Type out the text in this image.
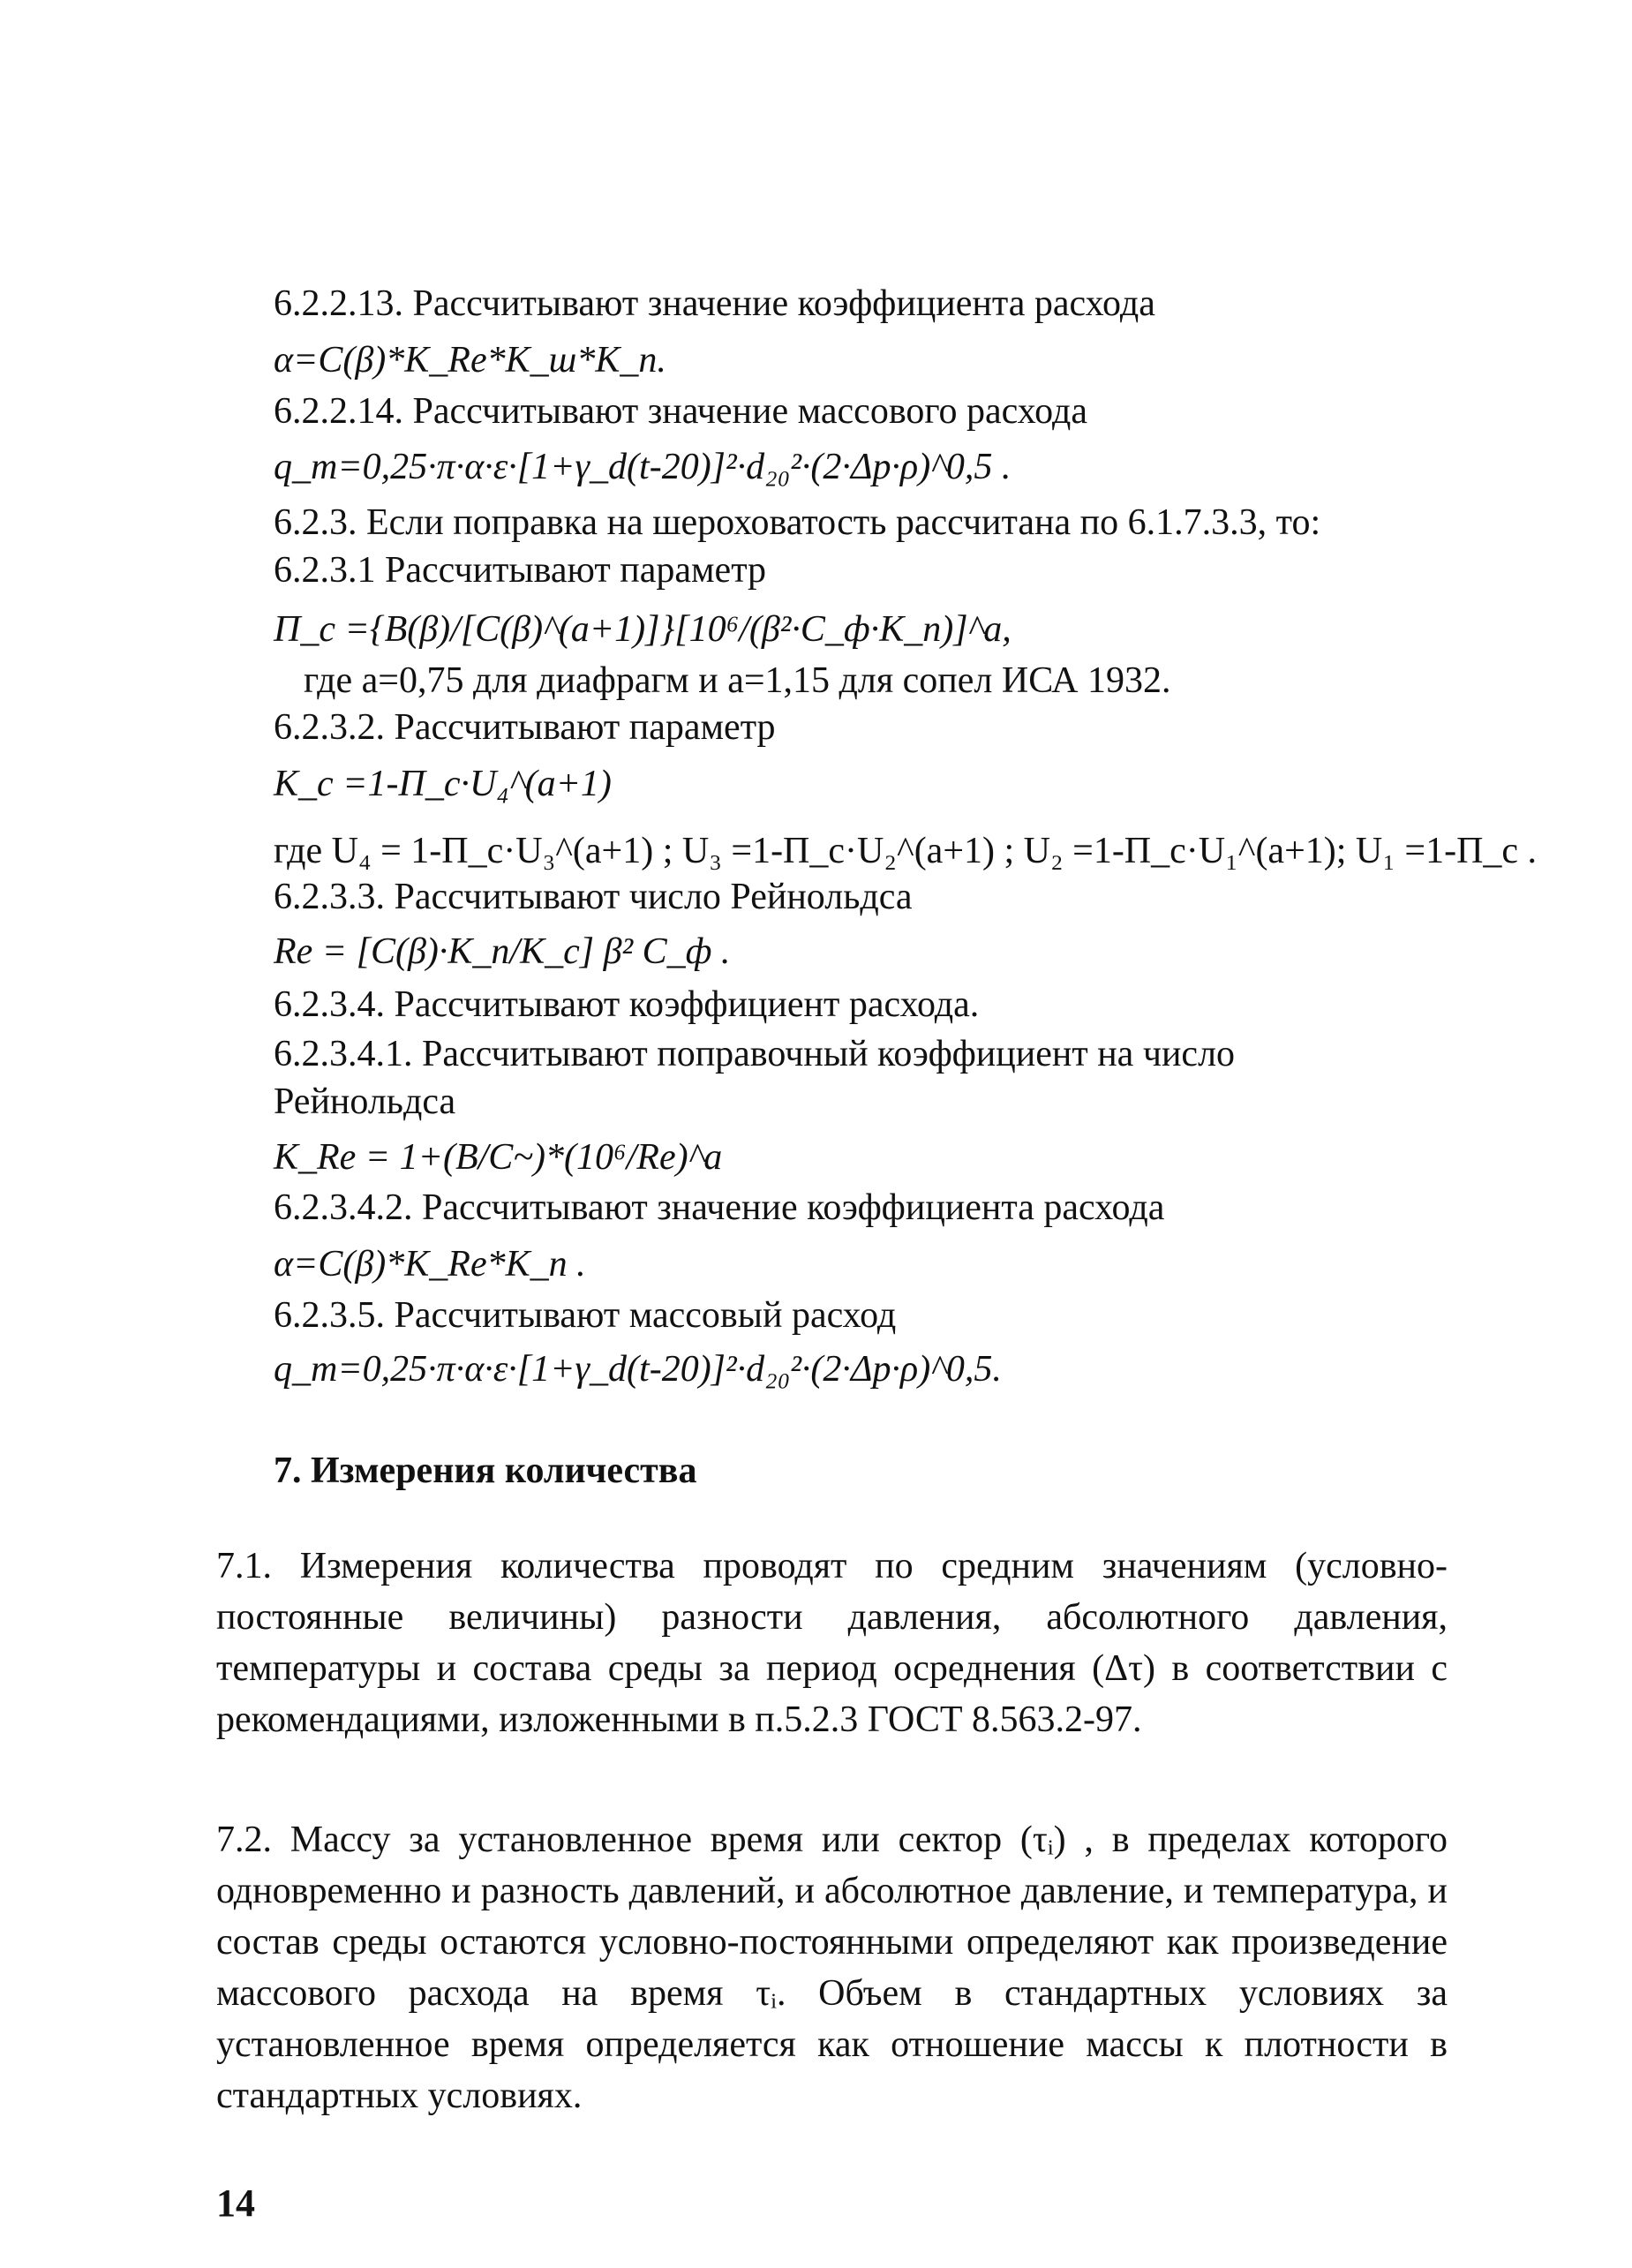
6.2.2.13. Рассчитывают значение коэффициента расхода
α=C(β)*K_Re*K_ш*K_n.
6.2.2.14. Рассчитывают значение массового расхода
q_m=0,25·π·α·ε·[1+γ_d(t-20)]²·d₂₀²·(2·Δp·ρ)^0,5 .
6.2.3. Если поправка на шероховатость рассчитана по 6.1.7.3.3, то:
6.2.3.1 Рассчитывают параметр
П_c ={B(β)/[C(β)^(a+1)]}[10⁶/(β²·C_ф·K_n)]^a,
где a=0,75 для диафрагм и a=1,15 для сопел ИСА 1932.
6.2.3.2. Рассчитывают параметр
K_c =1-П_c·U₄^(a+1)
где U₄ = 1-П_c·U₃^(a+1) ; U₃ =1-П_c·U₂^(a+1) ; U₂ =1-П_c·U₁^(a+1); U₁ =1-П_c .
6.2.3.3. Рассчитывают число Рейнольдса
Re = [C(β)·K_n/K_c] β² C_ф .
6.2.3.4. Рассчитывают коэффициент расхода.
6.2.3.4.1. Рассчитывают поправочный коэффициент на число
Рейнольдса
K_Re = 1+(B/C~)*(10⁶/Re)^a
6.2.3.4.2. Рассчитывают значение коэффициента расхода
α=C(β)*K_Re*K_n .
6.2.3.5. Рассчитывают массовый расход
q_m=0,25·π·α·ε·[1+γ_d(t-20)]²·d₂₀²·(2·Δp·ρ)^0,5.
7. Измерения количества

7.1. Измерения количества проводят по средним значениям (условно-постоянные величины) разности давления, абсолютного давления, температуры и состава среды за период осреднения (Δτ) в соответствии с рекомендациями, изложенными в п.5.2.3 ГОСТ 8.563.2-97.

7.2. Массу за установленное время или сектор (τᵢ) , в пределах которого одновременно и разность давлений, и абсолютное давление, и температура, и состав среды остаются условно-постоянными определяют как произведение массового расхода на время τᵢ. Объем в стандартных условиях за установленное время определяется как отношение массы к плотности в стандартных условиях.

14
